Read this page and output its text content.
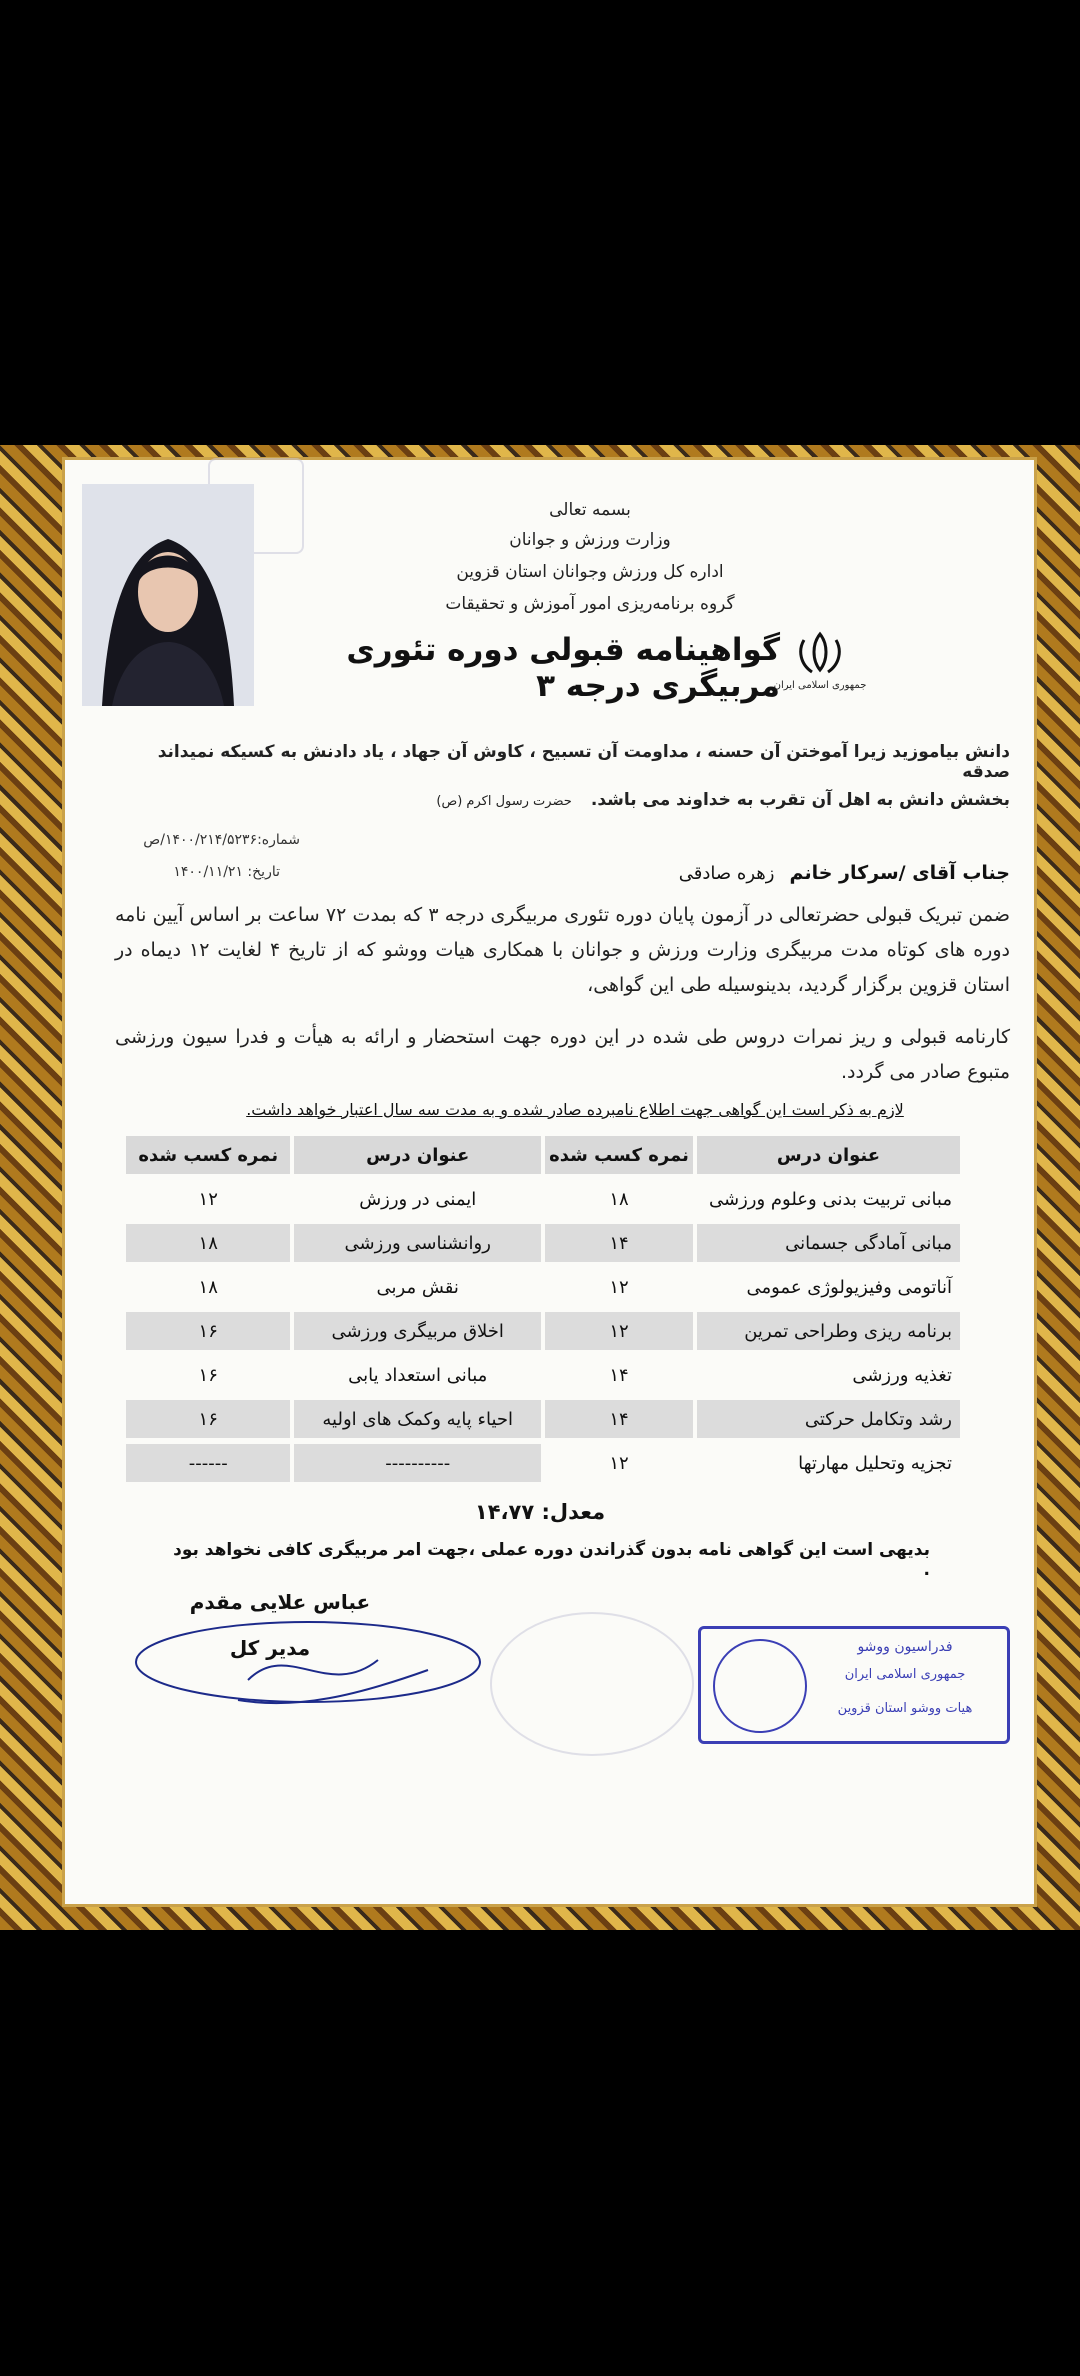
بسمه تعالی
وزارت ورزش و جوانان
اداره کل ورزش وجوانان استان قزوین
گروه برنامه‌ریزی امور آموزش و تحقیقات
گواهینامه قبولی دوره تئوری مربیگری درجه ۳
جمهوری اسلامی ایران
دانش بیاموزید زیرا آموختن آن حسنه ، مداومت آن تسبیح ، کاوش آن جهاد ، یاد دادنش به کسیکه نمیداند صدقه
بخشش دانش به اهل آن تقرب به خداوند می باشد. حضرت رسول اکرم (ص)
شماره:۱۴۰۰/۲۱۴/۵۲۳۶/ص
تاریخ: ۱۴۰۰/۱۱/۲۱	جناب آقای /سرکار خانم زهره صادقی
ضمن تبریک قبولی حضرتعالی در آزمون پایان دوره تئوری مربیگری درجه ۳ که بمدت ۷۲ ساعت بر اساس آیین نامه دوره های کوتاه مدت مربیگری وزارت ورزش و جوانان با همکاری هیات ووشو که از تاریخ ۴ لغایت ۱۲ دیماه در استان قزوین برگزار گردید، بدینوسیله طی این گواهی،
کارنامه قبولی و ریز نمرات دروس طی شده در این دوره جهت استحضار و ارائه به هیأت و فدرا سیون ورزشی متبوع صادر می گردد.
لازم به ذکر است این گواهی جهت اطلاع نامبرده صادر شده و به مدت سه سال اعتبار خواهد داشت.
عنوان درس	نمره کسب شده	عنوان درس	نمره کسب شده
مبانی تربیت بدنی وعلوم ورزشی	۱۸	ایمنی در ورزش	۱۲
مبانی آمادگی جسمانی	۱۴	روانشناسی ورزشی	۱۸
آناتومی وفیزیولوژی عمومی	۱۲	نقش مربی	۱۸
برنامه ریزی وطراحی تمرین	۱۲	اخلاق مربیگری ورزشی	۱۶
تغذیه ورزشی	۱۴	مبانی استعداد یابی	۱۶
رشد وتکامل حرکتی	۱۴	احیاء پایه وکمک های اولیه	۱۶
تجزیه وتحلیل مهارتها	۱۲	----------	------
معدل: ۱۴،۷۷
بدیهی است این گواهی نامه بدون گذراندن دوره عملی ،جهت امر مربیگری کافی نخواهد بود .
عباس علایی مقدم
مدیر کل	فدراسیون ووشو
جمهوری اسلامی ایران
هیات ووشو استان قزوین
